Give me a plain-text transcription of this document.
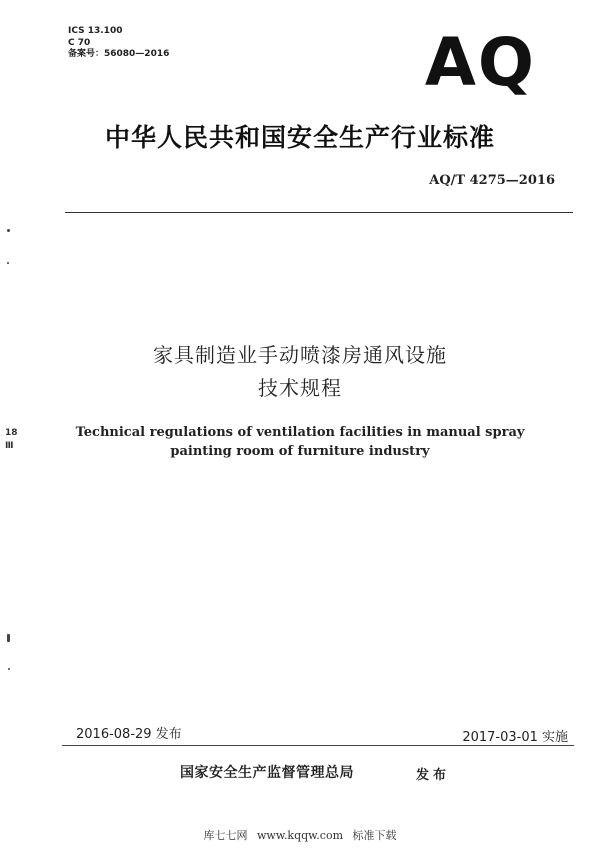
ICS 13.100
C 70
备案号：56080—2016	AQ
中华人民共和国安全生产行业标准
AQ/T 4275—2016
家具制造业手动喷漆房通风设施
技术规程
Technical regulations of ventilation facilities in manual spray
painting room of furniture industry
2016-08-29 发布	2017-03-01 实施
国家安全生产监督管理总局	发布
库七七网 www.kqqw.com 标准下载
18
Ⅲ
